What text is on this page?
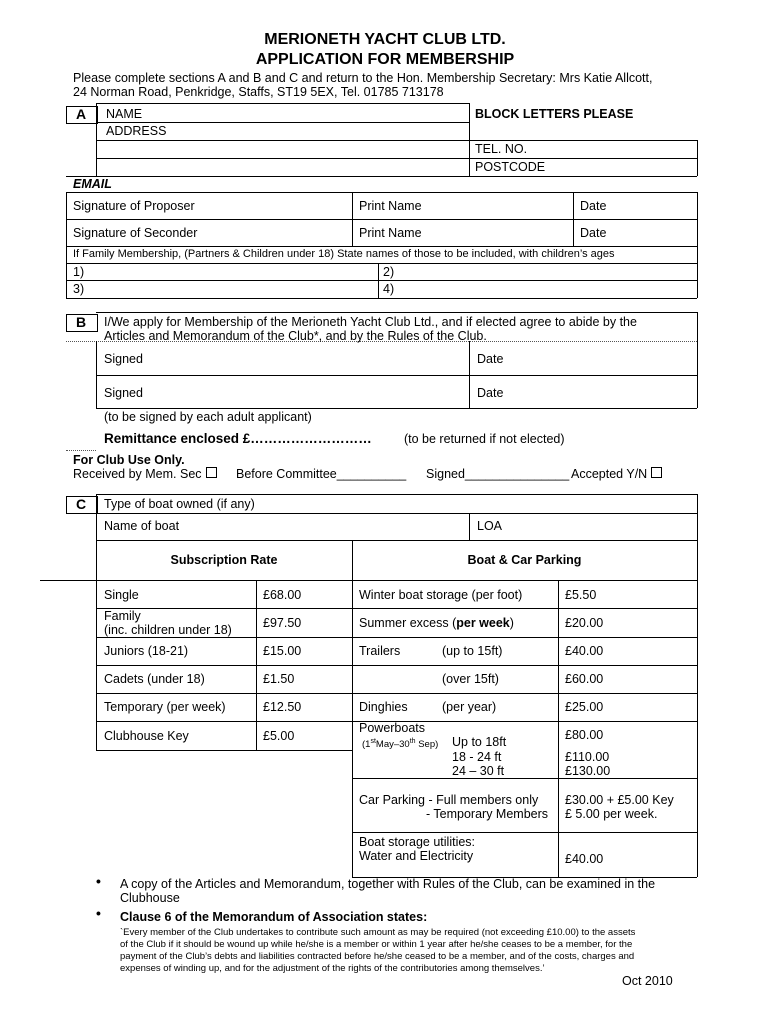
MERIONETH YACHT CLUB LTD.
APPLICATION FOR MEMBERSHIP
Please complete sections A and B and C and return to the Hon. Membership Secretary: Mrs Katie Allcott,
24 Norman Road, Penkridge, Staffs, ST19 5EX, Tel. 01785 713178
A NAME	BLOCK LETTERS PLEASE
ADDRESS
TEL. NO.
POSTCODE
EMAIL
Signature of Proposer	Print Name	Date
Signature of Seconder	Print Name	Date
If Family Membership, (Partners & Children under 18) State names of those to be included, with children’s ages
1)	2)
3)	4)
B I/We apply for Membership of the Merioneth Yacht Club Ltd., and if elected agree to abide by the
Articles and Memorandum of the Club*, and by the Rules of the Club.
Signed	Date
Signed	Date
(to be signed by each adult applicant)
Remittance enclosed £………………………	(to be returned if not elected)
For Club Use Only.
Received by Mem. Sec	Before Committee__________ Signed_______________ Accepted Y/N
C Type of boat owned (if any)
Name of boat	LOA
Subscription Rate	Boat & Car Parking
Single	£68.00
Family
(inc. children under 18) £97.50
Juniors (18-21)	£15.00
Cadets (under 18)	£1.50
Temporary (per week)	£12.50
Clubhouse Key	£5.00
Winter boat storage (per foot)	£5.50
Summer excess (per week)	£20.00
Trailers	(up to 15ft)	£40.00
(over 15ft)	£60.00
Dinghies	(per year)	£25.00
Powerboats
(1stMay–30th Sep) Up to 18ft	£80.00
18 - 24 ft	£110.00
24 – 30 ft	£130.00
Car Parking - Full members only £30.00 + £5.00 Key
- Temporary Members £ 5.00 per week.
Boat storage utilities:
Water and Electricity	£40.00
• A copy of the Articles and Memorandum, together with Rules of the Club, can be examined in the
Clubhouse
• Clause 6 of the Memorandum of Association states:
`Every member of the Club undertakes to contribute such amount as may be required (not exceeding £10.00) to the assets
of the Club if it should be wound up while he/she is a member or within 1 year after he/she ceases to be a member, for the
payment of the Club’s debts and liabilities contracted before he/she ceased to be a member, and of the costs, charges and
expenses of winding up, and for the adjustment of the rights of the contributories among themselves.’
Oct 2010
